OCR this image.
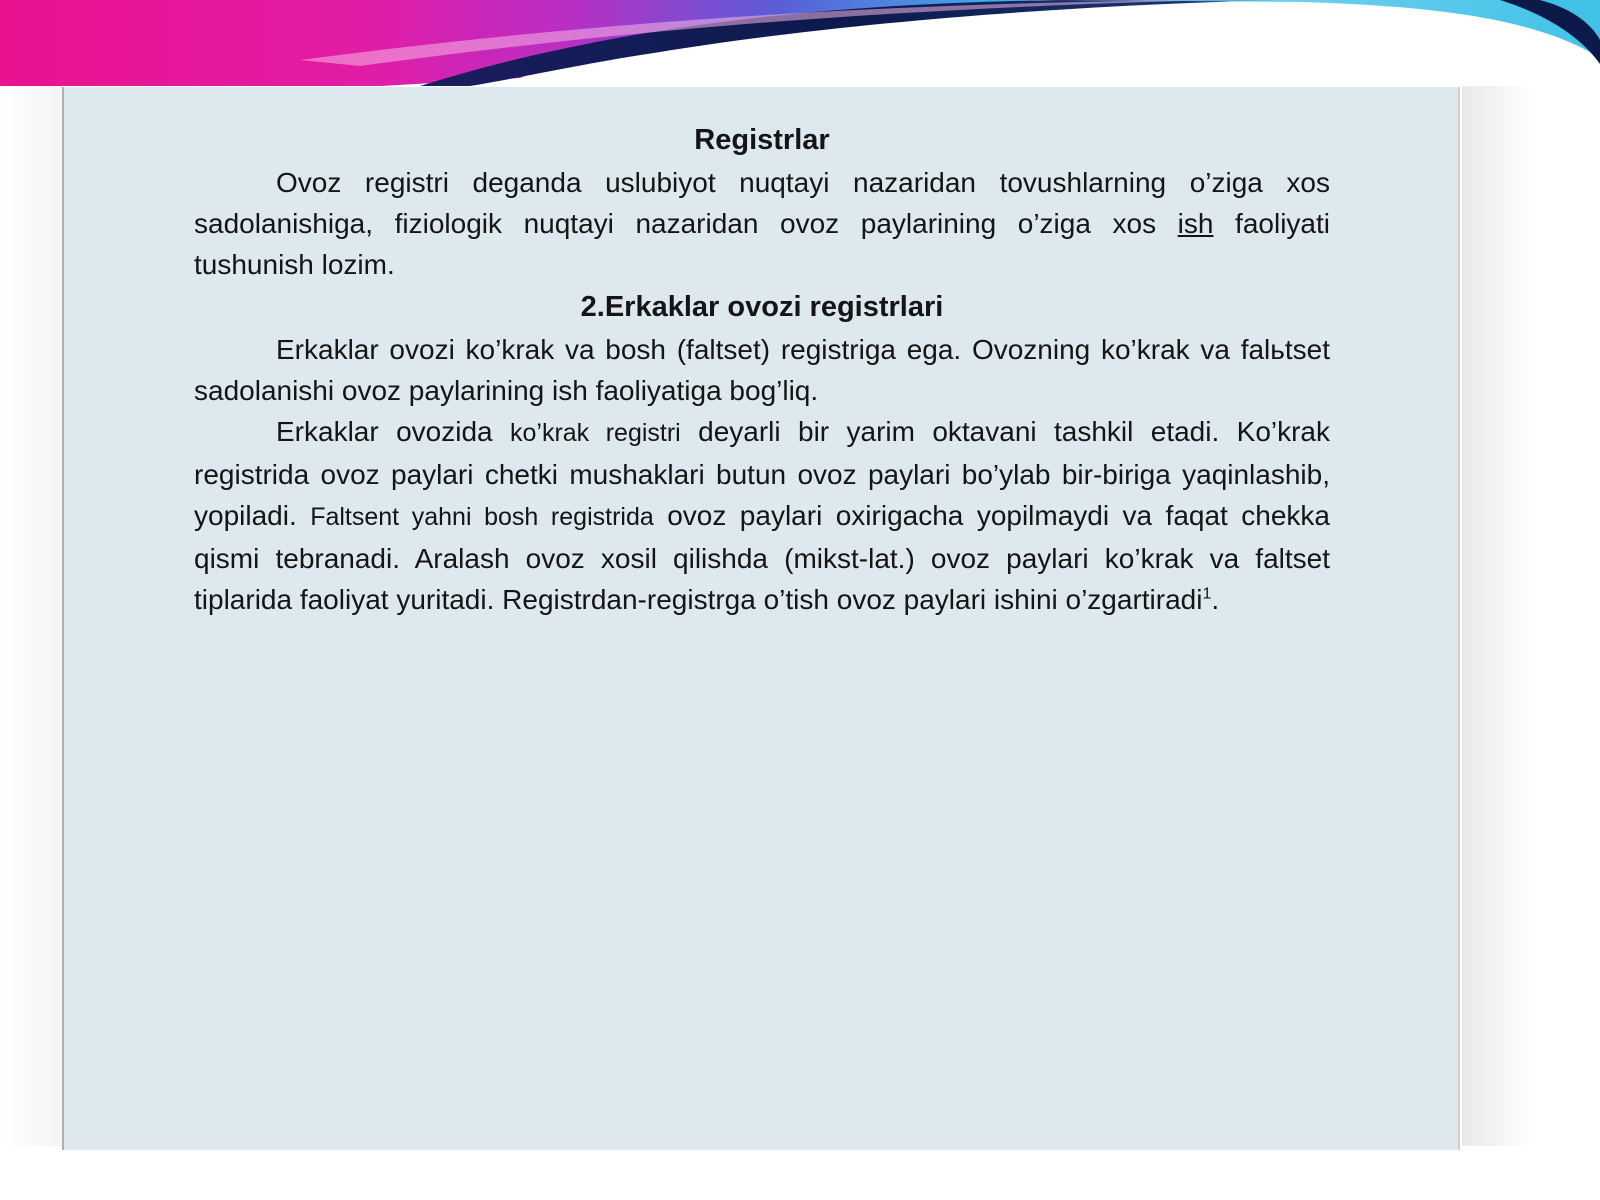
Registrlar

Ovoz registri deganda uslubiyot nuqtayi nazaridan tovushlarning o’ziga xos sadolanishiga, fiziologik nuqtayi nazaridan ovoz paylarining o’ziga xos ish faoliyati tushunish lozim.

2.Erkaklar ovozi registrlari

Erkaklar ovozi ko’krak va bosh (faltset) registriga ega. Ovozning ko’krak va falьtset sadolanishi ovoz paylarining ish faoliyatiga bog’liq.

Erkaklar ovozida ko’krak registri deyarli bir yarim oktavani tashkil etadi. Ko’krak registrida ovoz paylari chetki mushaklari butun ovoz paylari bo’ylab bir-biriga yaqinlashib, yopiladi. Faltsent yahni bosh registrida ovoz paylari oxirigacha yopilmaydi va faqat chekka qismi tebranadi. Aralash ovoz xosil qilishda (mikst-lat.) ovoz paylari ko’krak va faltset tiplarida faoliyat yuritadi. Registrdan-registrga o’tish ovoz paylari ishini o’zgartiradi$^1$.
